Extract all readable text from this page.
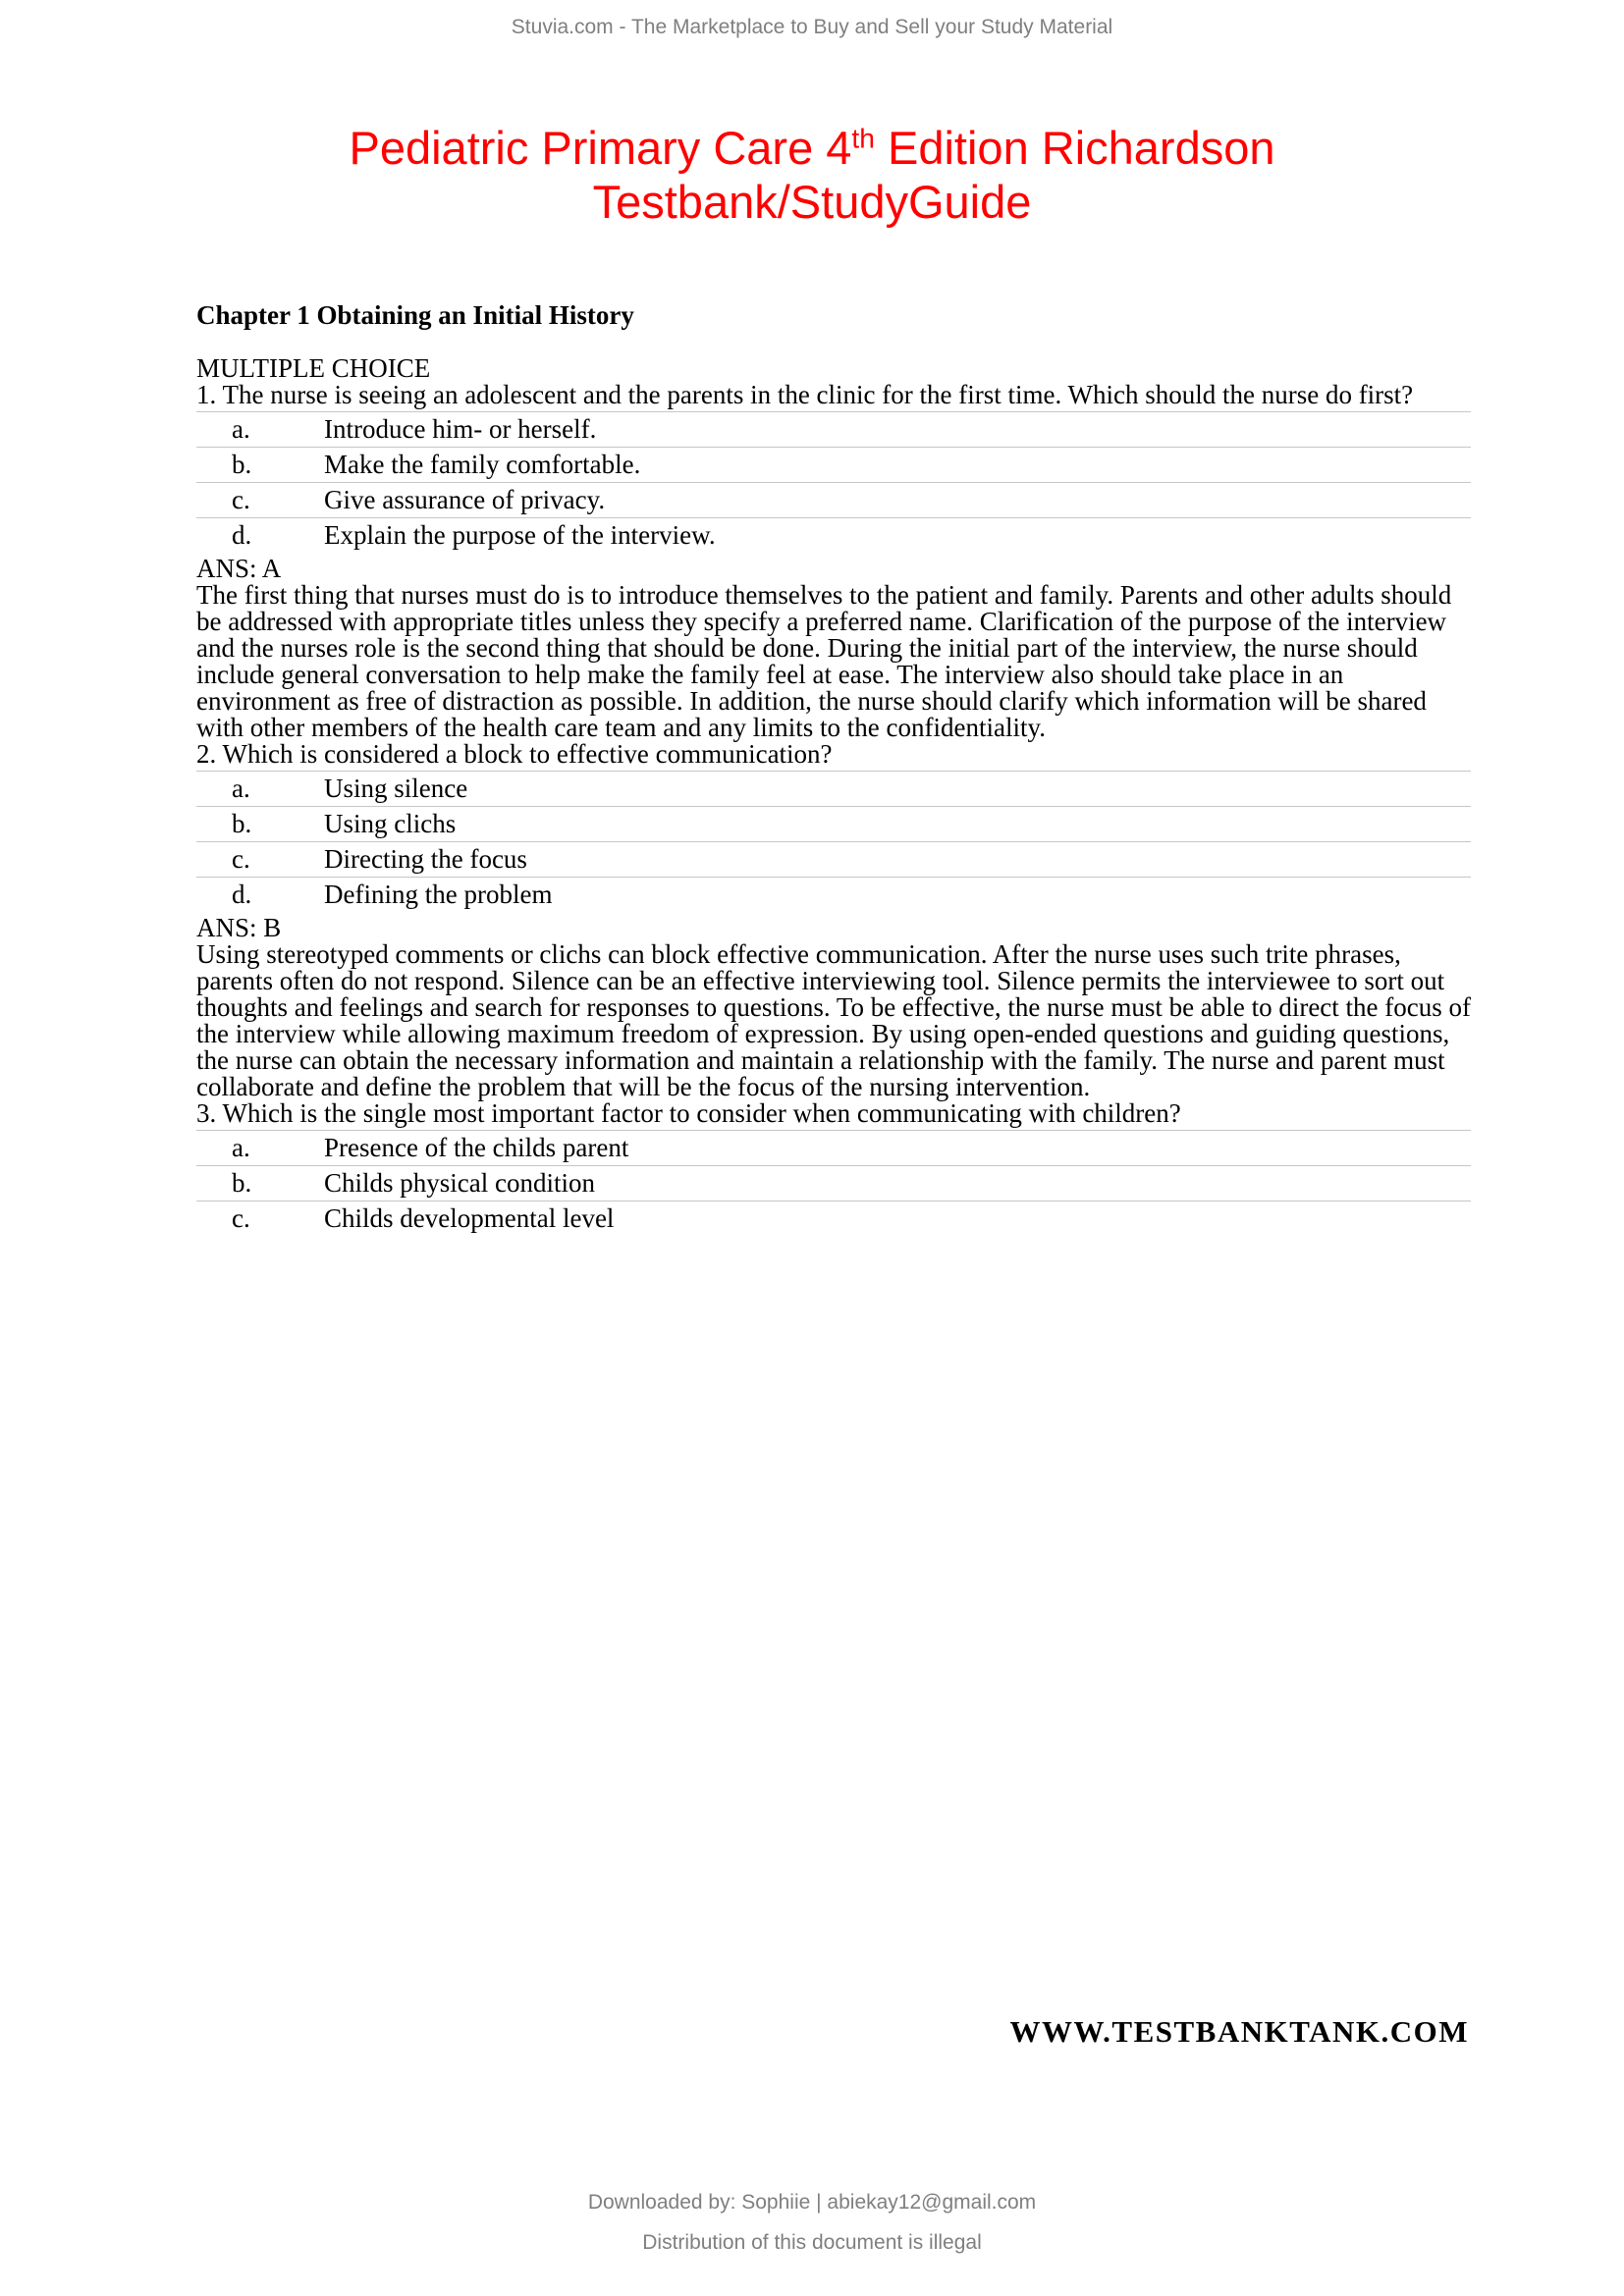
Stuvia.com - The Marketplace to Buy and Sell your Study Material
Pediatric Primary Care 4th Edition Richardson
Testbank/StudyGuide

Chapter 1 Obtaining an Initial History

MULTIPLE CHOICE

1. The nurse is seeing an adolescent and the parents in the clinic for the first time. Which should the nurse do first?

a.	Introduce him- or herself.
b.	Make the family comfortable.
c.	Give assurance of privacy.
d.	Explain the purpose of the interview.

ANS: A

The first thing that nurses must do is to introduce themselves to the patient and family. Parents and other adults should be addressed with appropriate titles unless they specify a preferred name. Clarification of the purpose of the interview and the nurses role is the second thing that should be done. During the initial part of the interview, the nurse should include general conversation to help make the family feel at ease. The interview also should take place in an environment as free of distraction as possible. In addition, the nurse should clarify which information will be shared with other members of the health care team and any limits to the confidentiality.

2. Which is considered a block to effective communication?

a.	Using silence
b.	Using clichs
c.	Directing the focus
d.	Defining the problem

ANS: B

Using stereotyped comments or clichs can block effective communication. After the nurse uses such trite phrases, parents often do not respond. Silence can be an effective interviewing tool. Silence permits the interviewee to sort out thoughts and feelings and search for responses to questions. To be effective, the nurse must be able to direct the focus of the interview while allowing maximum freedom of expression. By using open-ended questions and guiding questions, the nurse can obtain the necessary information and maintain a relationship with the family. The nurse and parent must collaborate and define the problem that will be the focus of the nursing intervention.

3. Which is the single most important factor to consider when communicating with children?

a.	Presence of the childs parent
b.	Childs physical condition
c.	Childs developmental level
WWW.TESTBANKTANK.COM
Downloaded by: Sophiie | abiekay12@gmail.com
Distribution of this document is illegal
